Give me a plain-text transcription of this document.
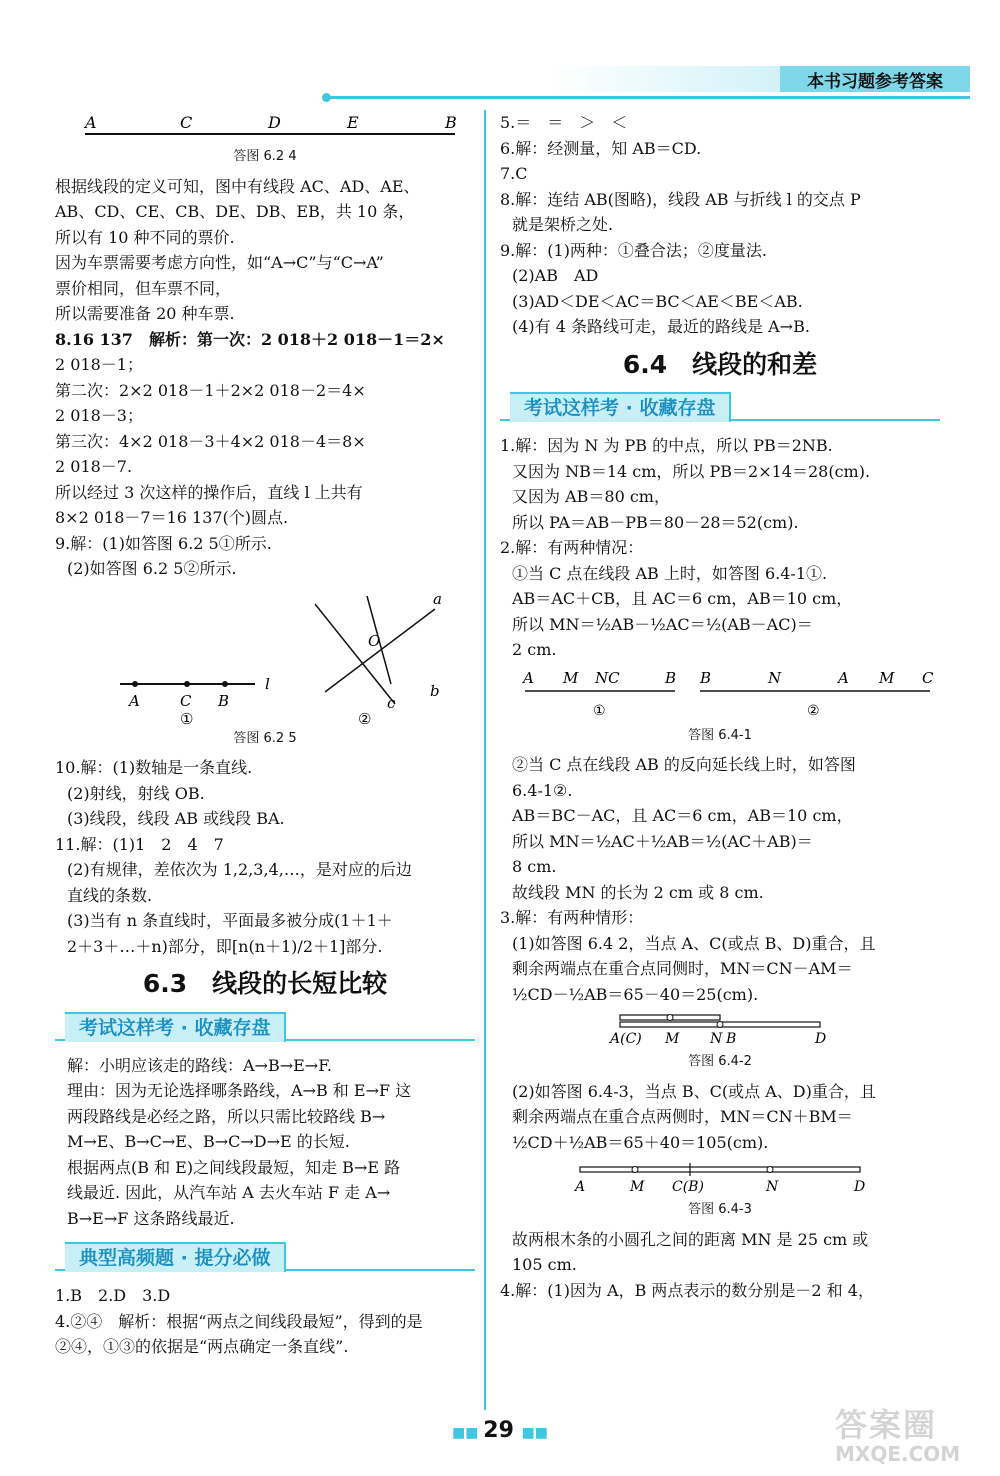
本书习题参考答案
A	C	D	E	B
答图 6.2 4

根据线段的定义可知，图中有线段 AC、AD、AE、

AB、CD、CE、CB、DE、DB、EB，共 10 条，

所以有 10 种不同的票价.

因为车票需要考虑方向性，如“A→C”与“C→A”

票价相同，但车票不同，

所以需要准备 20 种车票.

8.16 137　解析：第一次：2 018＋2 018－1＝2×

2 018－1；

第二次：2×2 018－1＋2×2 018－2＝4×

2 018－3；

第三次：4×2 018－3＋4×2 018－4＝8×

2 018－7.

所以经过 3 次这样的操作后，直线 l 上共有

8×2 018－7＝16 137(个)圆点.

9.解：(1)如答图 6.2 5①所示.

(2)如答图 6.2 5②所示.

A	C B
l
O
a
b
c
①	②
答图 6.2 5

10.解：(1)数轴是一条直线.

(2)射线，射线 OB.

(3)线段，线段 AB 或线段 BA.

11.解：(1)1　2　4　7

(2)有规律，差依次为 1,2,3,4,…，是对应的后边

直线的条数.

(3)当有 n 条直线时，平面最多被分成(1＋1＋

2＋3＋…＋n)部分，即[n(n＋1)/2＋1]部分.

6.3　线段的长短比较
考试这样考 · 收藏存盘

解：小明应该走的路线：A→B→E→F.

理由：因为无论选择哪条路线，A→B 和 E→F 这

两段路线是必经之路，所以只需比较路线 B→

M→E、B→C→E、B→C→D→E 的长短.

根据两点(B 和 E)之间线段最短，知走 B→E 路

线最近. 因此，从汽车站 A 去火车站 F 走 A→

B→E→F 这条路线最近.

典型高频题 · 提分必做

1.B　2.D　3.D

4.②④　解析：根据“两点之间线段最短”，得到的是

②④，①③的依据是“两点确定一条直线”.

5.＝　＝　＞　＜

6.解：经测量，知 AB＝CD.

7.C

8.解：连结 AB(图略)，线段 AB 与折线 l 的交点 P

就是架桥之处.

9.解：(1)两种：①叠合法；②度量法.

(2)AB　AD

(3)AD＜DE＜AC＝BC＜AE＜BE＜AB.

(4)有 4 条路线可走，最近的路线是 A→B.

6.4　线段的和差
考试这样考 · 收藏存盘

1.解：因为 N 为 PB 的中点，所以 PB＝2NB.

又因为 NB＝14 cm，所以 PB＝2×14＝28(cm).

又因为 AB＝80 cm，

所以 PA＝AB－PB＝80－28＝52(cm).

2.解：有两种情况：

①当 C 点在线段 AB 上时，如答图 6.4-1①.

AB＝AC＋CB，且 AC＝6 cm，AB＝10 cm，

所以 MN＝½AB－½AC＝½(AB－AC)＝

2 cm.

A M NC	B
①
B	N	A M C
②
答图 6.4-1

②当 C 点在线段 AB 的反向延长线上时，如答图

6.4-1②.

AB＝BC－AC，且 AC＝6 cm，AB＝10 cm，

所以 MN＝½AC＋½AB＝½(AC＋AB)＝

8 cm.

故线段 MN 的长为 2 cm 或 8 cm.

3.解：有两种情形：

(1)如答图 6.4 2，当点 A、C(或点 B、D)重合，且

剩余两端点在重合点同侧时，MN＝CN－AM＝

½CD－½AB＝65－40＝25(cm).

A(C) M N B	D
答图 6.4-2

(2)如答图 6.4-3，当点 B、C(或点 A、D)重合，且

剩余两端点在重合点两侧时，MN＝CN＋BM＝

½CD＋½AB＝65＋40＝105(cm).

A	M C(B)	N	D
答图 6.4-3

故两根木条的小圆孔之间的距离 MN 是 25 cm 或

105 cm.

4.解：(1)因为 A，B 两点表示的数分别是－2 和 4，

■■ 29 ■■	答案圈
MXQE.COM
